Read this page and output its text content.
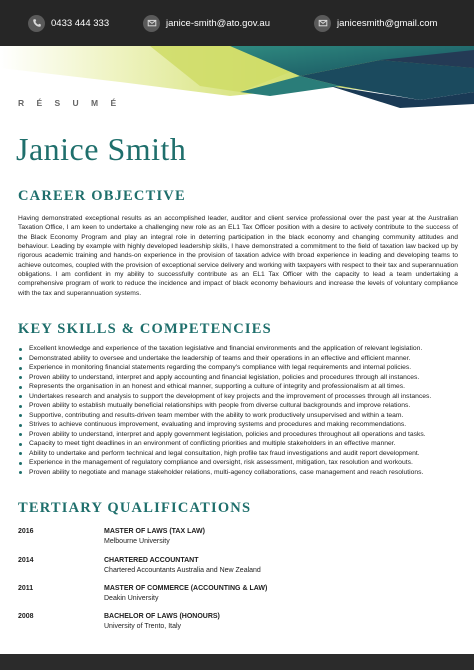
0433 444 333	janice-smith@ato.gov.au	janicesmith@gmail.com
R É S U M É
Janice Smith
CAREER OBJECTIVE

Having demonstrated exceptional results as an accomplished leader, auditor and client service professional over the past year at the Australian Taxation Office, I am keen to undertake a challenging new role as an EL1 Tax Officer position with a desire to actively contribute to the success of the Black Economy Program and play an integral role in deterring participation in the black economy and changing community attitudes and behaviour. Leading by example with highly developed leadership skills, I have demonstrated a commitment to the field of taxation law backed up by rigorous academic training and hands-on experience in the provision of taxation advice with broad experience in leading and developing teams to achieve outcomes, coupled with the provision of exceptional service delivery and working with taxpayers with respect to their tax and superannuation obligations. I am confident in my ability to successfully contribute as an EL1 Tax Officer with the capacity to lead a team undertaking a comprehensive program of work to reduce the incidence and impact of black economy behaviours and increase the levels of voluntary compliance with the tax and superannuation systems.

KEY SKILLS & COMPETENCIES
Excellent knowledge and experience of the taxation legislative and financial environments and the application of relevant legislation.
Demonstrated ability to oversee and undertake the leadership of teams and their operations in an effective and efficient manner.
Experience in monitoring financial statements regarding the company's compliance with legal requirements and internal policies.
Proven ability to understand, interpret and apply accounting and financial legislation, policies and procedures through all instances.
Represents the organisation in an honest and ethical manner, supporting a culture of integrity and professionalism at all times.
Undertakes research and analysis to support the development of key projects and the improvement of processes through all instances.
Proven ability to establish mutually beneficial relationships with people from diverse cultural backgrounds and improve relations.
Supportive, contributing and results-driven team member with the ability to work productively unsupervised and within a team.
Strives to achieve continuous improvement, evaluating and improving systems and procedures and making recommendations.
Proven ability to understand, interpret and apply government legislation, policies and procedures throughout all operations and tasks.
Capacity to meet tight deadlines in an environment of conflicting priorities and multiple stakeholders in an effective manner.
Ability to undertake and perform technical and legal consultation, high profile tax fraud investigations and audit report development.
Experience in the management of regulatory compliance and oversight, risk assessment, mitigation, tax resolution and workouts.
Proven ability to negotiate and manage stakeholder relations, multi-agency collaborations, case management and reach resolutions.
TERTIARY QUALIFICATIONS
2016	MASTER OF LAWS (TAX LAW)
Melbourne University
2014	CHARTERED ACCOUNTANT
Chartered Accountants Australia and New Zealand
2011	MASTER OF COMMERCE (ACCOUNTING & LAW)
Deakin University
2008	BACHELOR OF LAWS (HONOURS)
University of Trento, Italy
